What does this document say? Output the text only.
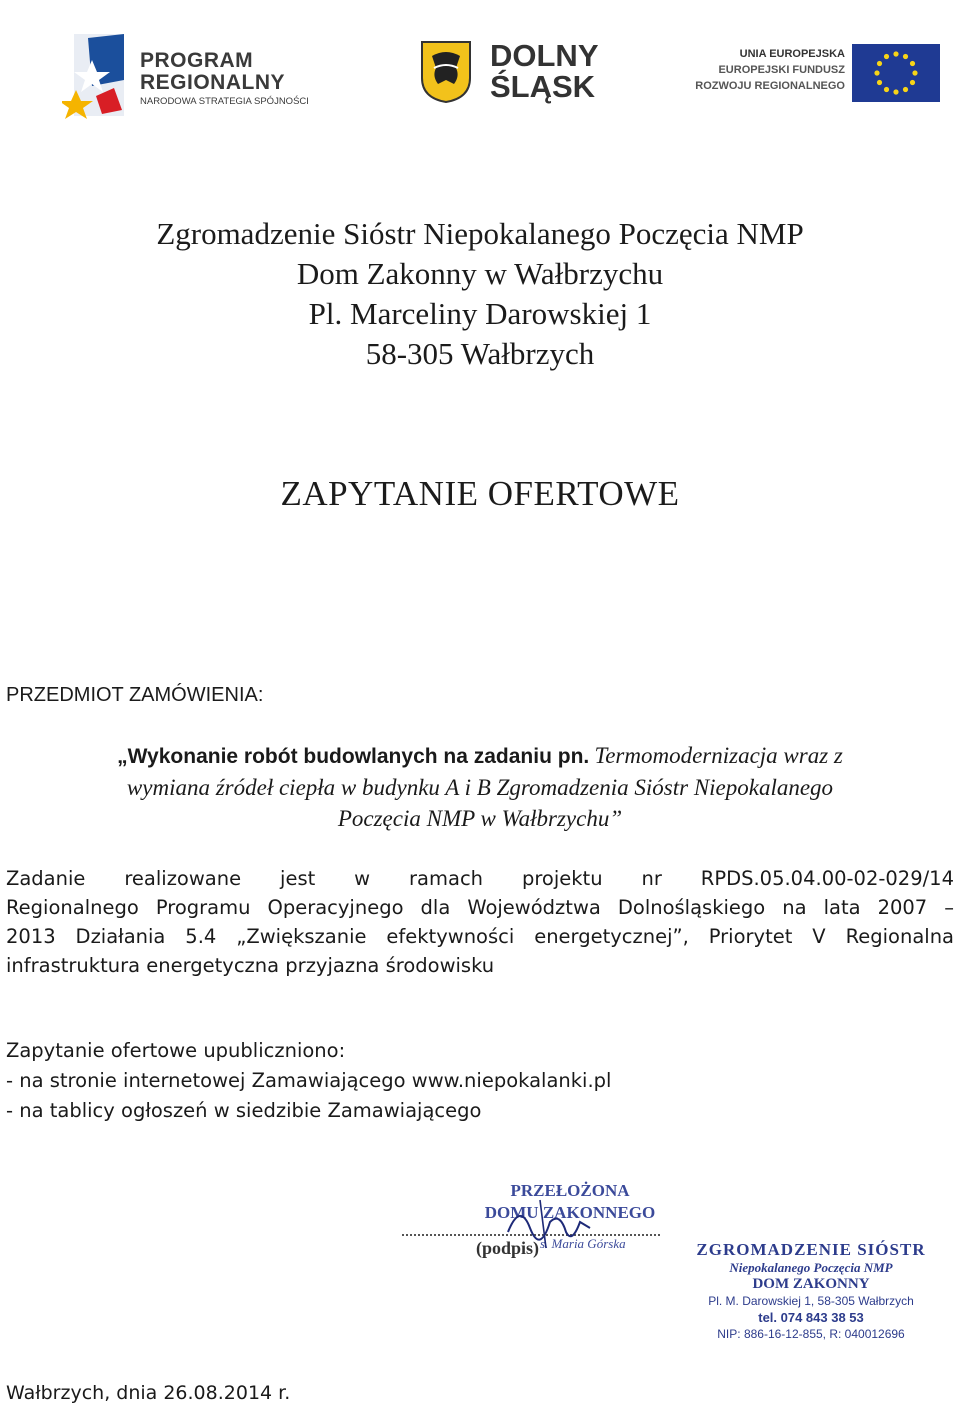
PROGRAM
REGIONALNY
NARODOWA STRATEGIA SPÓJNOŚCI
DOLNY
ŚLĄSK
UNIA EUROPEJSKA
EUROPEJSKI FUNDUSZ
ROZWOJU REGIONALNEGO
Zgromadzenie Sióstr Niepokalanego Poczęcia NMP
Dom Zakonny w Wałbrzychu
Pl. Marceliny Darowskiej 1
58-305 Wałbrzych
ZAPYTANIE OFERTOWE
PRZEDMIOT ZAMÓWIENIA:
„Wykonanie robót budowlanych na zadaniu pn. Termomodernizacja wraz z
wymiana źródeł ciepła w budynku A i B Zgromadzenia Sióstr Niepokalanego
Poczęcia NMP w Wałbrzychu”
Zadanie realizowane jest w ramach projektu nr RPDS.05.04.00-02-029/14
Regionalnego Programu Operacyjnego dla Województwa Dolnośląskiego na lata 2007 –
2013 Działania 5.4 „Zwiększanie efektywności energetycznej”, Priorytet V Regionalna
infrastruktura energetyczna przyjazna środowisku
Zapytanie ofertowe upubliczniono:
- na stronie internetowej Zamawiającego www.niepokalanki.pl
- na tablicy ogłoszeń w siedzibie Zamawiającego
PRZEŁOŻONA
DOMU ZAKONNEGO
(podpis) s. Maria Górska	ZGROMADZENIE SIÓSTR
Niepokalanego Poczęcia NMP
DOM ZAKONNY
Pl. M. Darowskiej 1, 58-305 Wałbrzych
tel. 074 843 38 53
NIP: 886-16-12-855, R: 040012696
Wałbrzych, dnia 26.08.2014 r.
